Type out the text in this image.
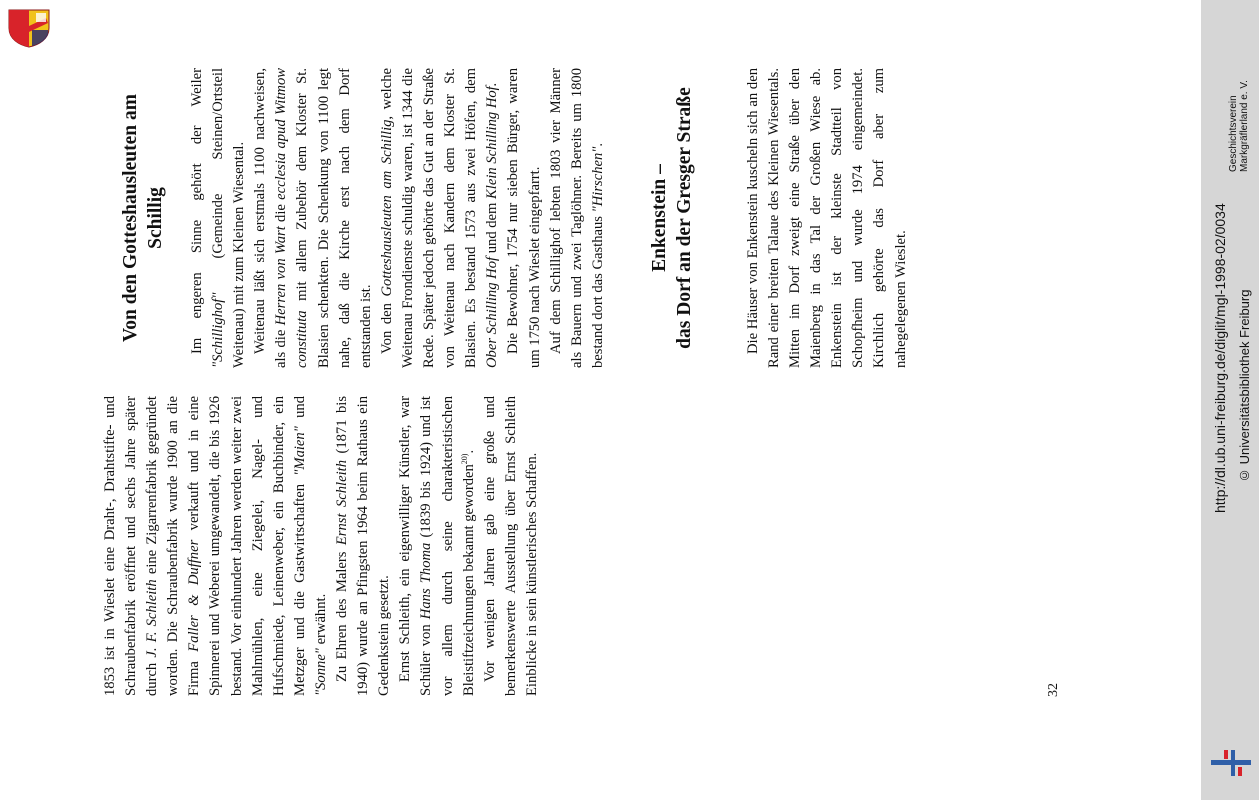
1853 ist in Wieslet eine Draht-, Drahtstifte- und Schraubenfabrik eröffnet und sechs Jahre später durch J. F. Schleith eine Zigarrenfabrik gegründet worden. Die Schraubenfabrik wurde 1900 an die Firma Faller & Duffner verkauft und in eine Spinnerei und Weberei umgewandelt, die bis 1926 bestand. Vor einhundert Jahren werden weiter zwei Mahlmühlen, eine Ziegelei, Nagel- und Hufschmiede, Leinenweber, ein Buchbinder, ein Metzger und die Gastwirtschaften "Maien" und "Sonne" erwähnt. Zu Ehren des Malers Ernst Schleith (1871 bis 1940) wurde an Pfingsten 1964 beim Rathaus ein Gedenkstein gesetzt. Ernst Schleith, ein eigenwilliger Künstler, war Schüler von Hans Thoma (1839 bis 1924) und ist vor allem durch seine charakteristischen Bleistiftzeichnungen bekannt geworden$^{20)}$. Vor wenigen Jahren gab eine große und bemerkenswerte Ausstellung über Ernst Schleith Einblicke in sein künstlerisches Schaffen.

Von den Gotteshausleuten am Schillig Im engeren Sinne gehört der Weiler "Schillighof" (Gemeinde Steinen/Ortsteil Weitenau) mit zum Kleinen Wiesental. Weitenau läßt sich erstmals 1100 nachweisen, als die Herren von Wart die ecclesia apud Witmow constituta mit allem Zubehör dem Kloster St. Blasien schenkten. Die Schenkung von 1100 legt nahe, daß die Kirche erst nach dem Dorf entstanden ist. Von den Gotteshausleuten am Schillig, welche Weitenau Frondienste schuldig waren, ist 1344 die Rede. Später jedoch gehörte das Gut an der Straße von Weitenau nach Kandern dem Kloster St. Blasien. Es bestand 1573 aus zwei Höfen, dem Ober Schilling Hof und dem Klein Schilling Hof. Die Bewohner, 1754 nur sieben Bürger, waren um 1750 nach Wieslet eingepfarrt. Auf dem Schillighof lebten 1803 vier Männer als Bauern und zwei Taglöhner. Bereits um 1800 bestand dort das Gasthaus "Hirschen".

Enkenstein – das Dorf an der Gresger Straße	Die Häuser von Enkenstein kuscheln sich an den Rand einer breiten Talaue des Kleinen Wiesentals. Mitten im Dorf zweigt eine Straße über den Maienberg in das Tal der Großen Wiese ab. Enkenstein ist der kleinste Stadtteil von Schopfheim und wurde 1974 eingemeindet. Kirchlich gehörte das Dorf aber zum nahegelegenen Wieslet.

32

Geschichtsverein Markgräflerland e. V.
http://dl.ub.uni-freiburg.de/diglit/mgl-1998-02/0034 © Universitätsbibliothek Freiburg
